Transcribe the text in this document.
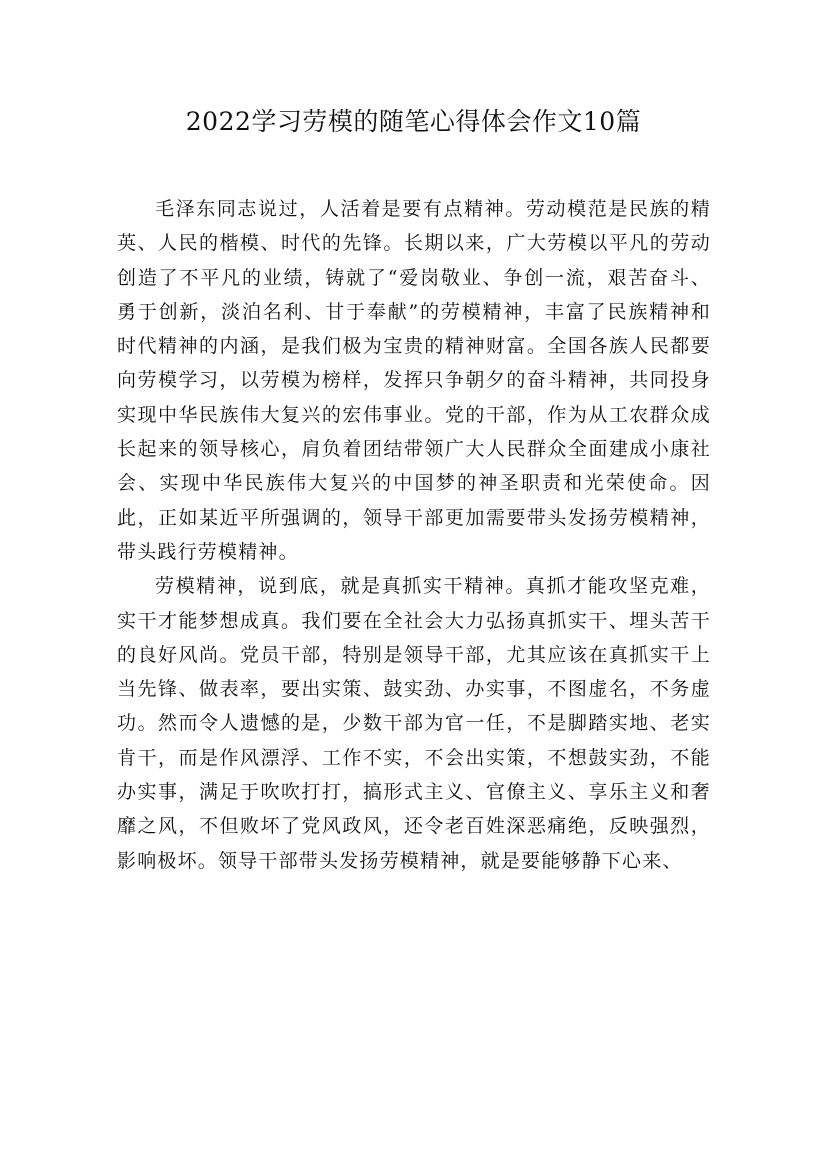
2022学习劳模的随笔心得体会作文10篇

毛泽东同志说过，人活着是要有点精神。劳动模范是民族的精英、人民的楷模、时代的先锋。长期以来，广大劳模以平凡的劳动创造了不平凡的业绩，铸就了“爱岗敬业、争创一流，艰苦奋斗、勇于创新，淡泊名利、甘于奉献”的劳模精神，丰富了民族精神和时代精神的内涵，是我们极为宝贵的精神财富。全国各族人民都要向劳模学习，以劳模为榜样，发挥只争朝夕的奋斗精神，共同投身实现中华民族伟大复兴的宏伟事业。党的干部，作为从工农群众成长起来的领导核心，肩负着团结带领广大人民群众全面建成小康社会、实现中华民族伟大复兴的中国梦的神圣职责和光荣使命。因此，正如某近平所强调的，领导干部更加需要带头发扬劳模精神，带头践行劳模精神。

劳模精神，说到底，就是真抓实干精神。真抓才能攻坚克难，实干才能梦想成真。我们要在全社会大力弘扬真抓实干、埋头苦干的良好风尚。党员干部，特别是领导干部，尤其应该在真抓实干上当先锋、做表率，要出实策、鼓实劲、办实事，不图虚名，不务虚功。然而令人遗憾的是，少数干部为官一任，不是脚踏实地、老实肯干，而是作风漂浮、工作不实，不会出实策，不想鼓实劲，不能办实事，满足于吹吹打打，搞形式主义、官僚主义、享乐主义和奢靡之风，不但败坏了党风政风，还令老百姓深恶痛绝，反映强烈，影响极坏。领导干部带头发扬劳模精神，就是要能够静下心来、
